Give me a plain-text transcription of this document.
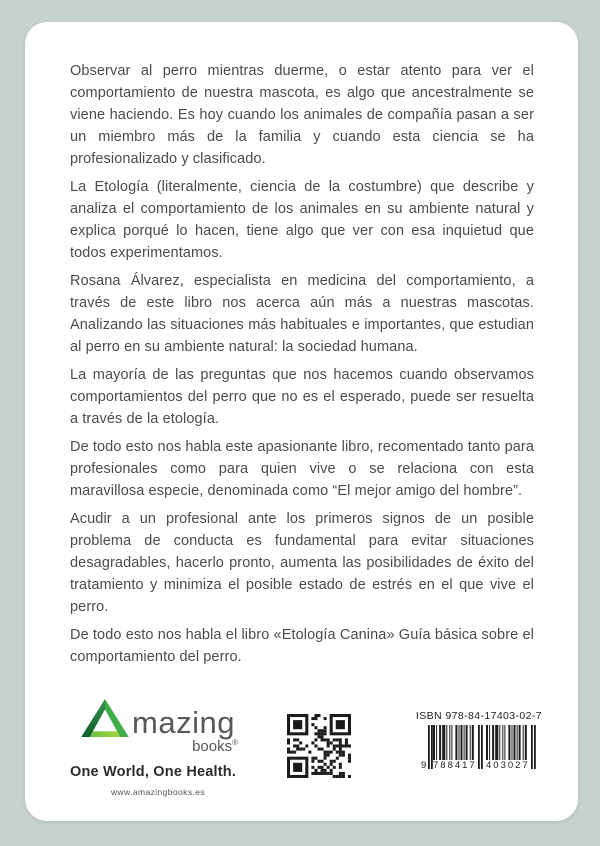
Observar al perro mientras duerme, o estar atento para ver el comportamiento de nuestra mascota, es algo que ancestralmente se viene haciendo. Es hoy cuando los animales de compañía pasan a ser un miembro más de la familia y cuando esta ciencia se ha profesionalizado y clasificado.

La Etología (literalmente, ciencia de la costumbre) que describe y analiza el comportamiento de los animales en su ambiente natural y explica porqué lo hacen, tiene algo que ver con esa inquietud que todos experimentamos.

Rosana Álvarez, especialista en medicina del comportamiento, a través de este libro nos acerca aún más a nuestras mascotas. Analizando las situaciones más habituales e importantes, que estudian al perro en su ambiente natural: la sociedad humana.

La mayoría de las preguntas que nos hacemos cuando observamos comportamientos del perro que no es el esperado, puede ser resuelta a través de la etología.

De todo esto nos habla este apasionante libro, recomentado tanto para profesionales como para quien vive o se relaciona con esta maravillosa especie, denominada como “El mejor amigo del hombre”.

Acudir a un profesional ante los primeros signos de un posible problema de conducta es fundamental para evitar situaciones desagradables, hacerlo pronto, aumenta las posibilidades de éxito del tratamiento y minimiza el posible estado de estrés en el que vive el perro.

De todo esto nos habla el libro «Etología Canina» Guía básica sobre el comportamiento del perro.

mazing
books®
One World, One Health.
www.amazingbooks.es
ISBN 978-84-17403-02-7
9 788417 403027
